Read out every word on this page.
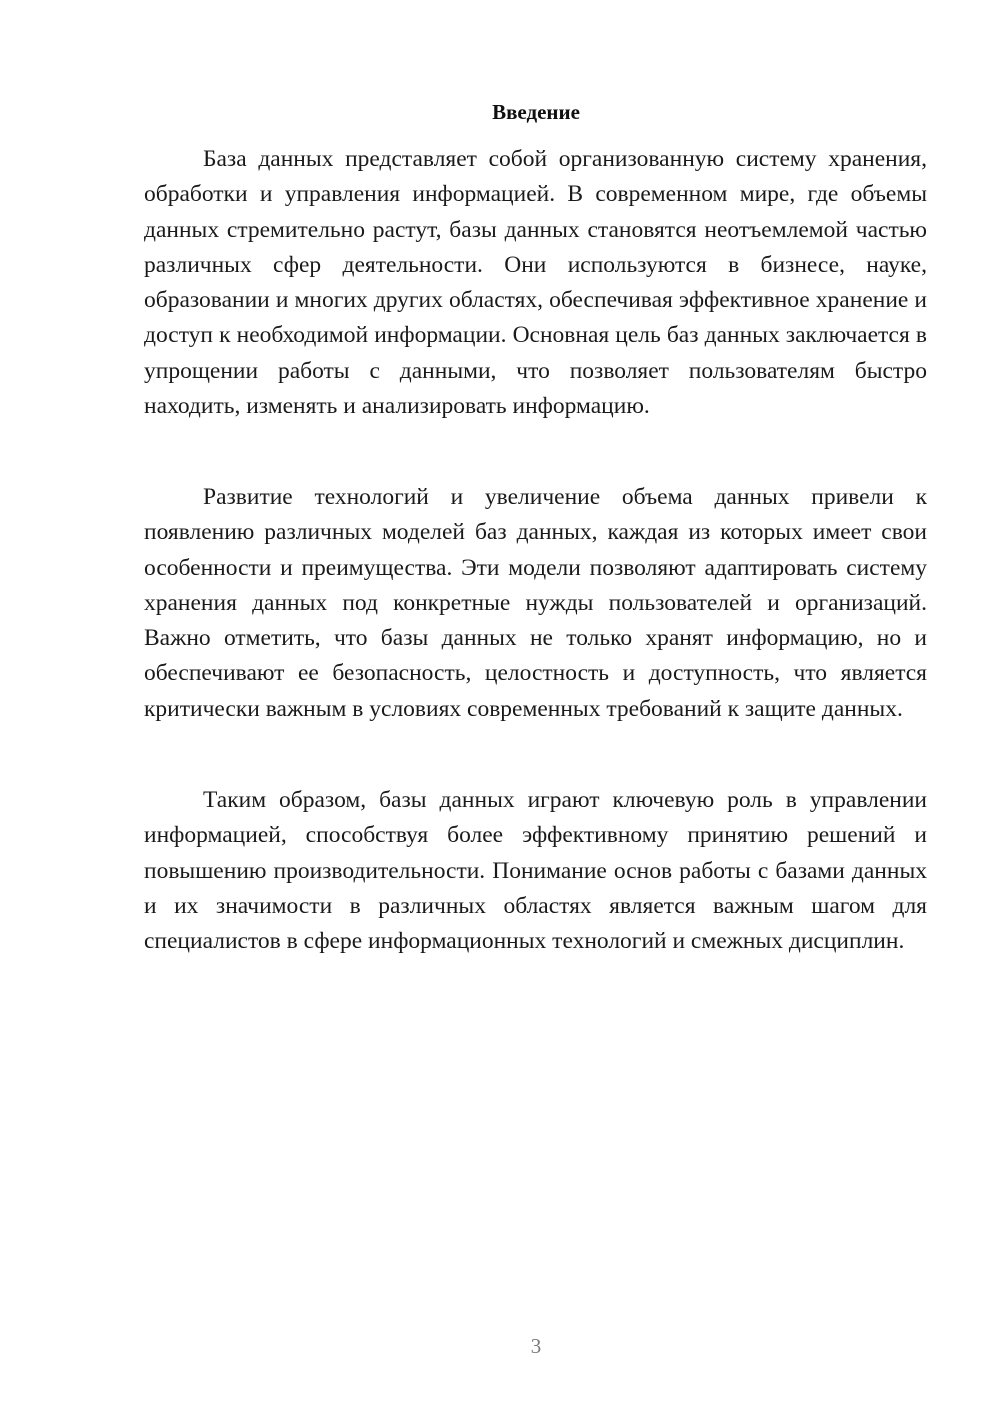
Введение

База данных представляет собой организованную систему хранения, обработки и управления информацией. В современном мире, где объемы данных стремительно растут, базы данных становятся неотъемлемой частью различных сфер деятельности. Они используются в бизнесе, науке, образовании и многих других областях, обеспечивая эффективное хранение и доступ к необходимой информации. Основная цель баз данных заключается в упрощении работы с данными, что позволяет пользователям быстро находить, изменять и анализировать информацию.

Развитие технологий и увеличение объема данных привели к появлению различных моделей баз данных, каждая из которых имеет свои особенности и преимущества. Эти модели позволяют адаптировать систему хранения данных под конкретные нужды пользователей и организаций. Важно отметить, что базы данных не только хранят информацию, но и обеспечивают ее безопасность, целостность и доступность, что является критически важным в условиях современных требований к защите данных.

Таким образом, базы данных играют ключевую роль в управлении информацией, способствуя более эффективному принятию решений и повышению производительности. Понимание основ работы с базами данных и их значимости в различных областях является важным шагом для специалистов в сфере информационных технологий и смежных дисциплин.

3
